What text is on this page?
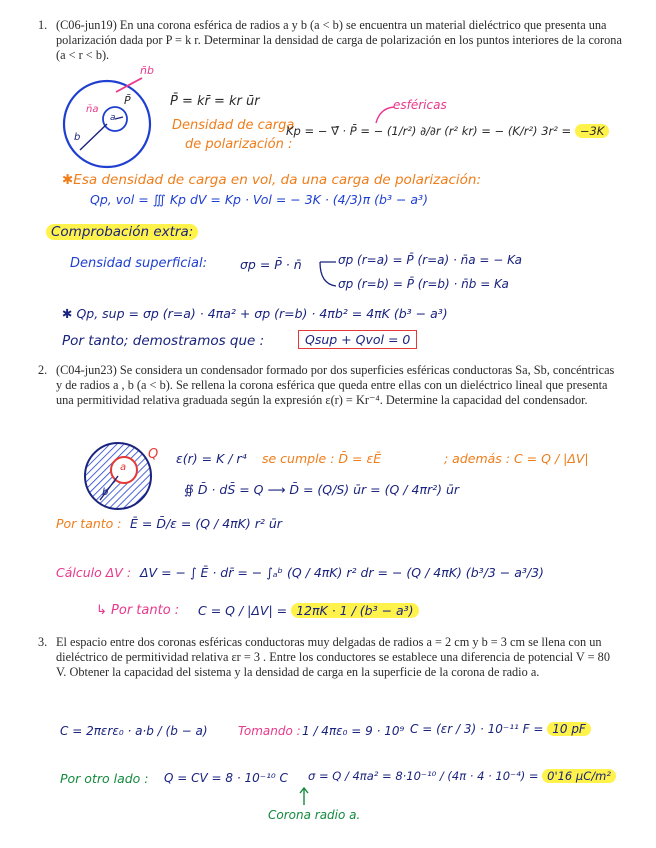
1. (C06-jun19) En una corona esférica de radios a y b (a < b) se encuentra un material dieléctrico que presenta una polarización dada por P = k r. Determinar la densidad de carga de polarización en los puntos interiores de la corona (a < r < b).
n̄b
P̄
n̄a
a
b
P̄ = kr̄ = kr ūr	esféricas
Densidad de carga
de polarización :
Kp = − ∇̄ · P̄ = − (1/r²) ∂/∂r (r² kr) = − (K/r²) 3r² = −3K
✱Esa densidad de carga en vol, da una carga de polarización:
Qp, vol = ∭ Kp dV = Kp · Vol = − 3K · (4/3)π (b³ − a³)
Comprobación extra:
Densidad superficial:	σp = P̄ · n̄	σp (r=a) = P̄ (r=a) · n̄a = − Ka
σp (r=b) = P̄ (r=b) · n̄b = Ka
✱ Qp, sup = σp (r=a) · 4πa² + σp (r=b) · 4πb² = 4πK (b³ − a³)
Por tanto; demostramos que :	Qsup + Qvol = 0
2. (C04-jun23) Se considera un condensador formado por dos superficies esféricas conductoras Sa, Sb, concéntricas y de radios a , b (a < b). Se rellena la corona esférica que queda entre ellas con un dieléctrico lineal que presenta una permitividad relativa graduada según la expresión ε(r) = Kr⁻⁴. Determine la capacidad del condensador.
Q
a
b
ε(r) = K / r⁴ se cumple : D̄ = εĒ	; además : C = Q / |ΔV|
∯ D̄ · dS̄ = Q ⟶ D̄ = (Q/S) ūr = (Q / 4πr²) ūr
Por tanto : Ē = D̄/ε = (Q / 4πK) r² ūr
Cálculo ΔV : ΔV = − ∫ Ē · dr̄ = − ∫ₐᵇ (Q / 4πK) r² dr = − (Q / 4πK) (b³/3 − a³/3)
↳ Por tanto : C = Q / |ΔV| = 12πK · 1 / (b³ − a³)
3. El espacio entre dos coronas esféricas conductoras muy delgadas de radios a = 2 cm y b = 3 cm se llena con un dieléctrico de permitividad relativa εr = 3 . Entre los conductores se establece una diferencia de potencial V = 80 V. Obtener la capacidad del sistema y la densidad de carga en la superficie de la corona de radio a.
C = 2πεrε₀ · a·b / (b − a)	Tomando : 1 / 4πε₀ = 9 · 10⁹ C = (εr / 3) · 10⁻¹¹ F = 10 pF
Por otro lado : Q = CV = 8 · 10⁻¹⁰ C σ = Q / 4πa² = 8·10⁻¹⁰ / (4π · 4 · 10⁻⁴) = 0'16 μC/m²
Corona radio a.
